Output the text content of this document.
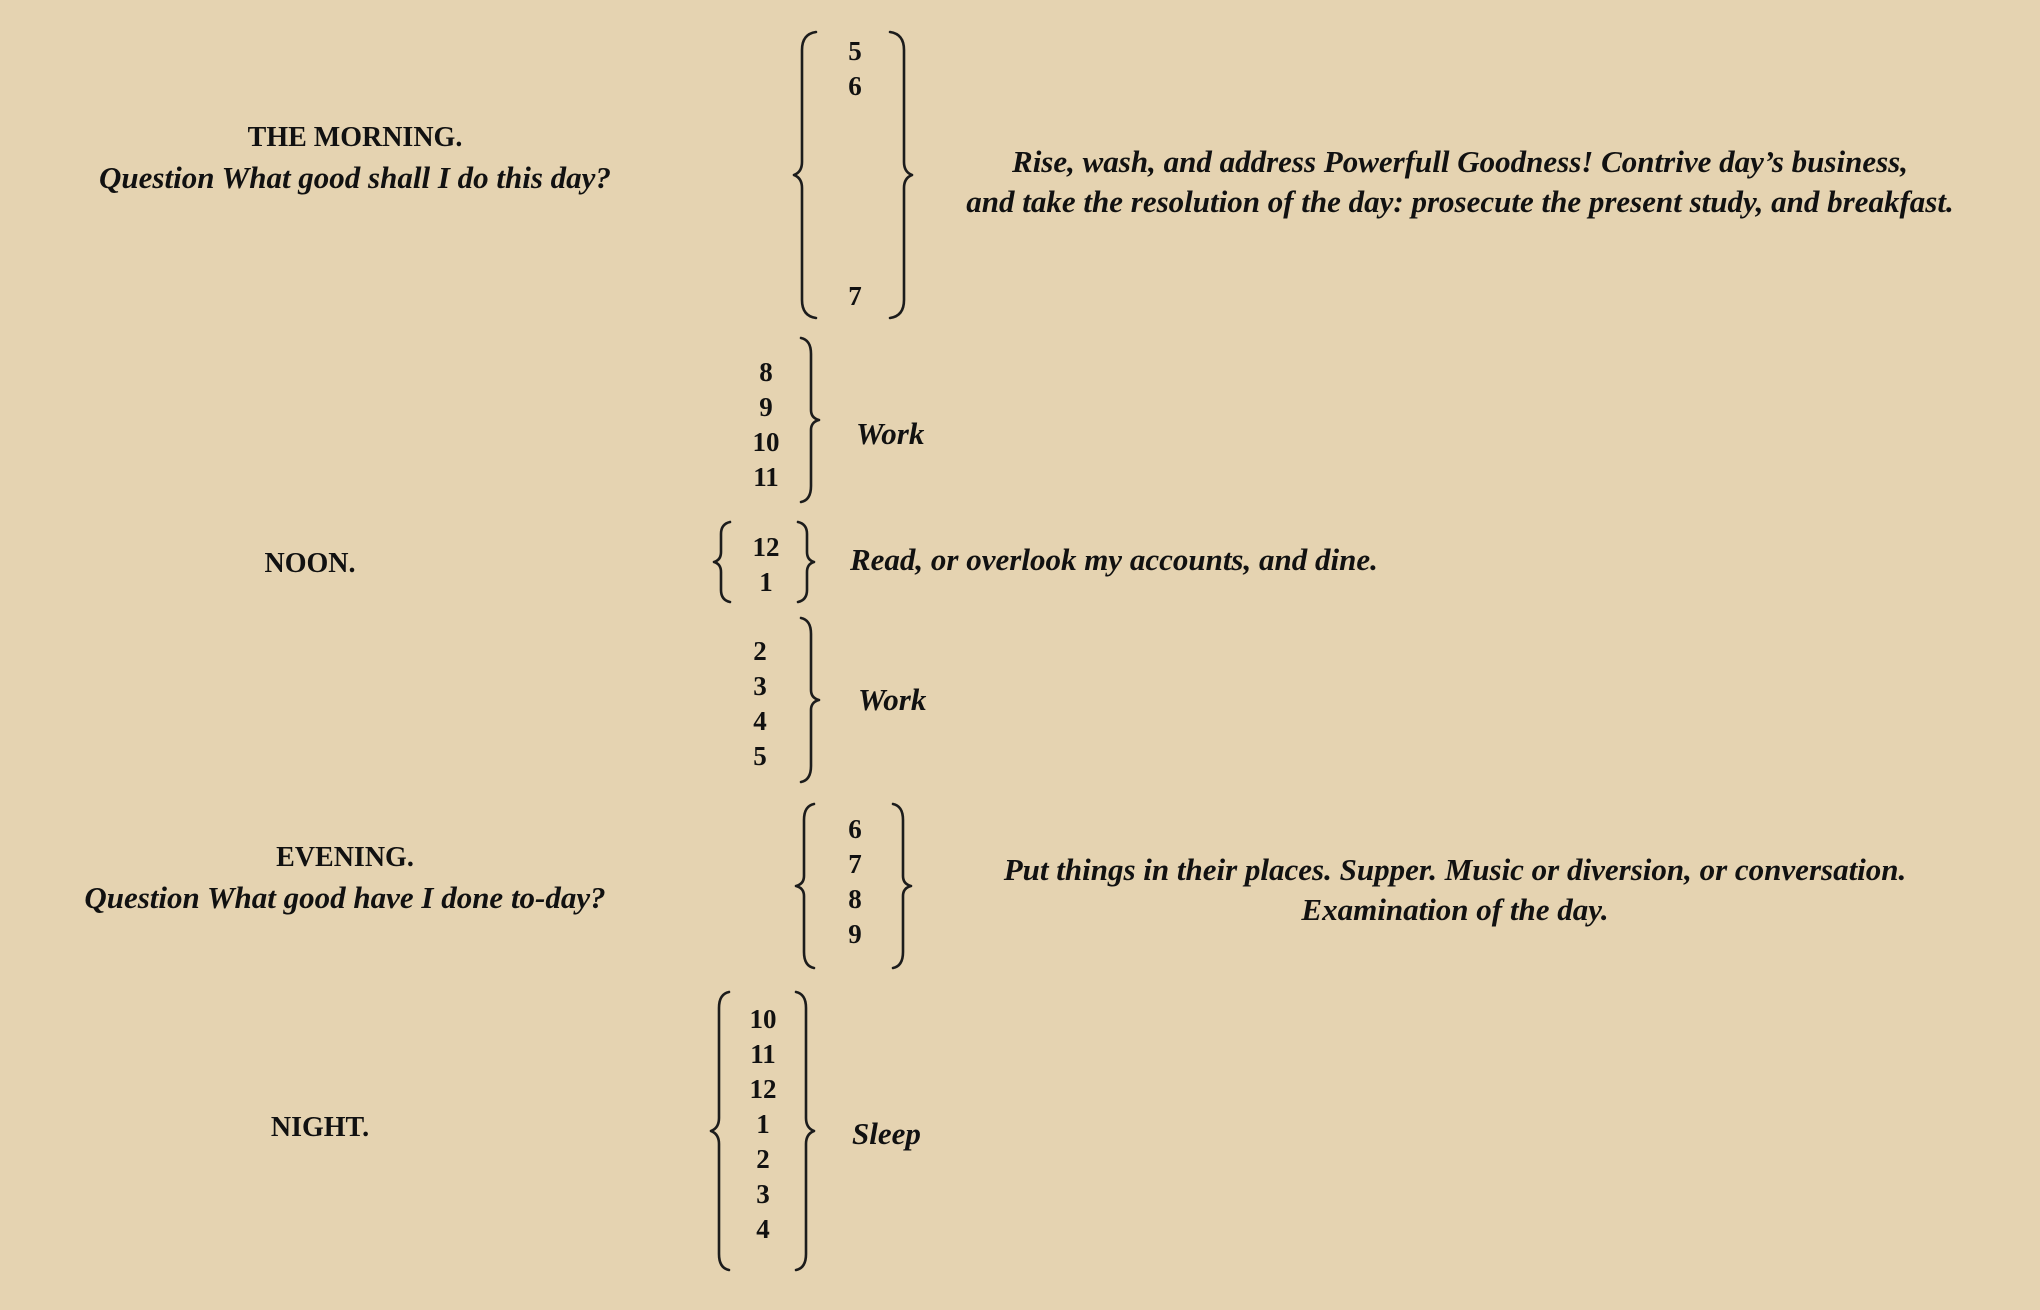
THE MORNING.
Question What good shall I do this day?
5
6
7
Rise, wash, and address Powerfull Goodness! Contrive day’s business,
and take the resolution of the day: prosecute the present study, and breakfast.
8
9
10
11
Work
NOON.
12
1
Read, or overlook my accounts, and dine.
2
3
4
5
Work
EVENING.
Question What good have I done to-day?
6
7
8
9
Put things in their places. Supper. Music or diversion, or conversation.
Examination of the day.
NIGHT.
10
11
12
1
2
3
4
Sleep
